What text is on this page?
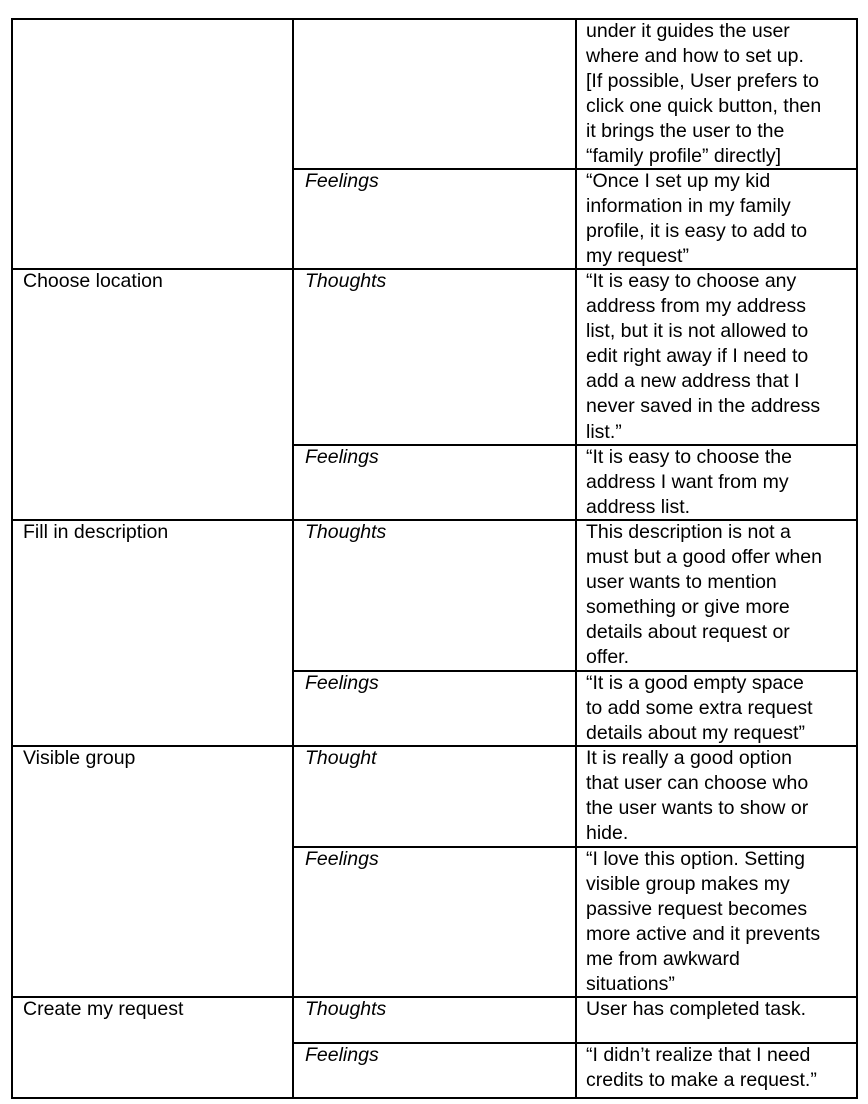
under it guides the user
where and how to set up.
[If possible, User prefers to
click one quick button, then
it brings the user to the
“family profile” directly]
Feelings	“Once I set up my kid
information in my family
profile, it is easy to add to
my request”
Choose location	Thoughts	“It is easy to choose any
address from my address
list, but it is not allowed to
edit right away if I need to
add a new address that I
never saved in the address
list.”
Feelings	“It is easy to choose the
address I want from my
address list.
Fill in description	Thoughts	This description is not a
must but a good offer when
user wants to mention
something or give more
details about request or
offer.
Feelings	“It is a good empty space
to add some extra request
details about my request”
Visible group	Thought	It is really a good option
that user can choose who
the user wants to show or
hide.
Feelings	“I love this option. Setting
visible group makes my
passive request becomes
more active and it prevents
me from awkward
situations”
Create my request	Thoughts	User has completed task.
Feelings	“I didn’t realize that I need
credits to make a request.”
